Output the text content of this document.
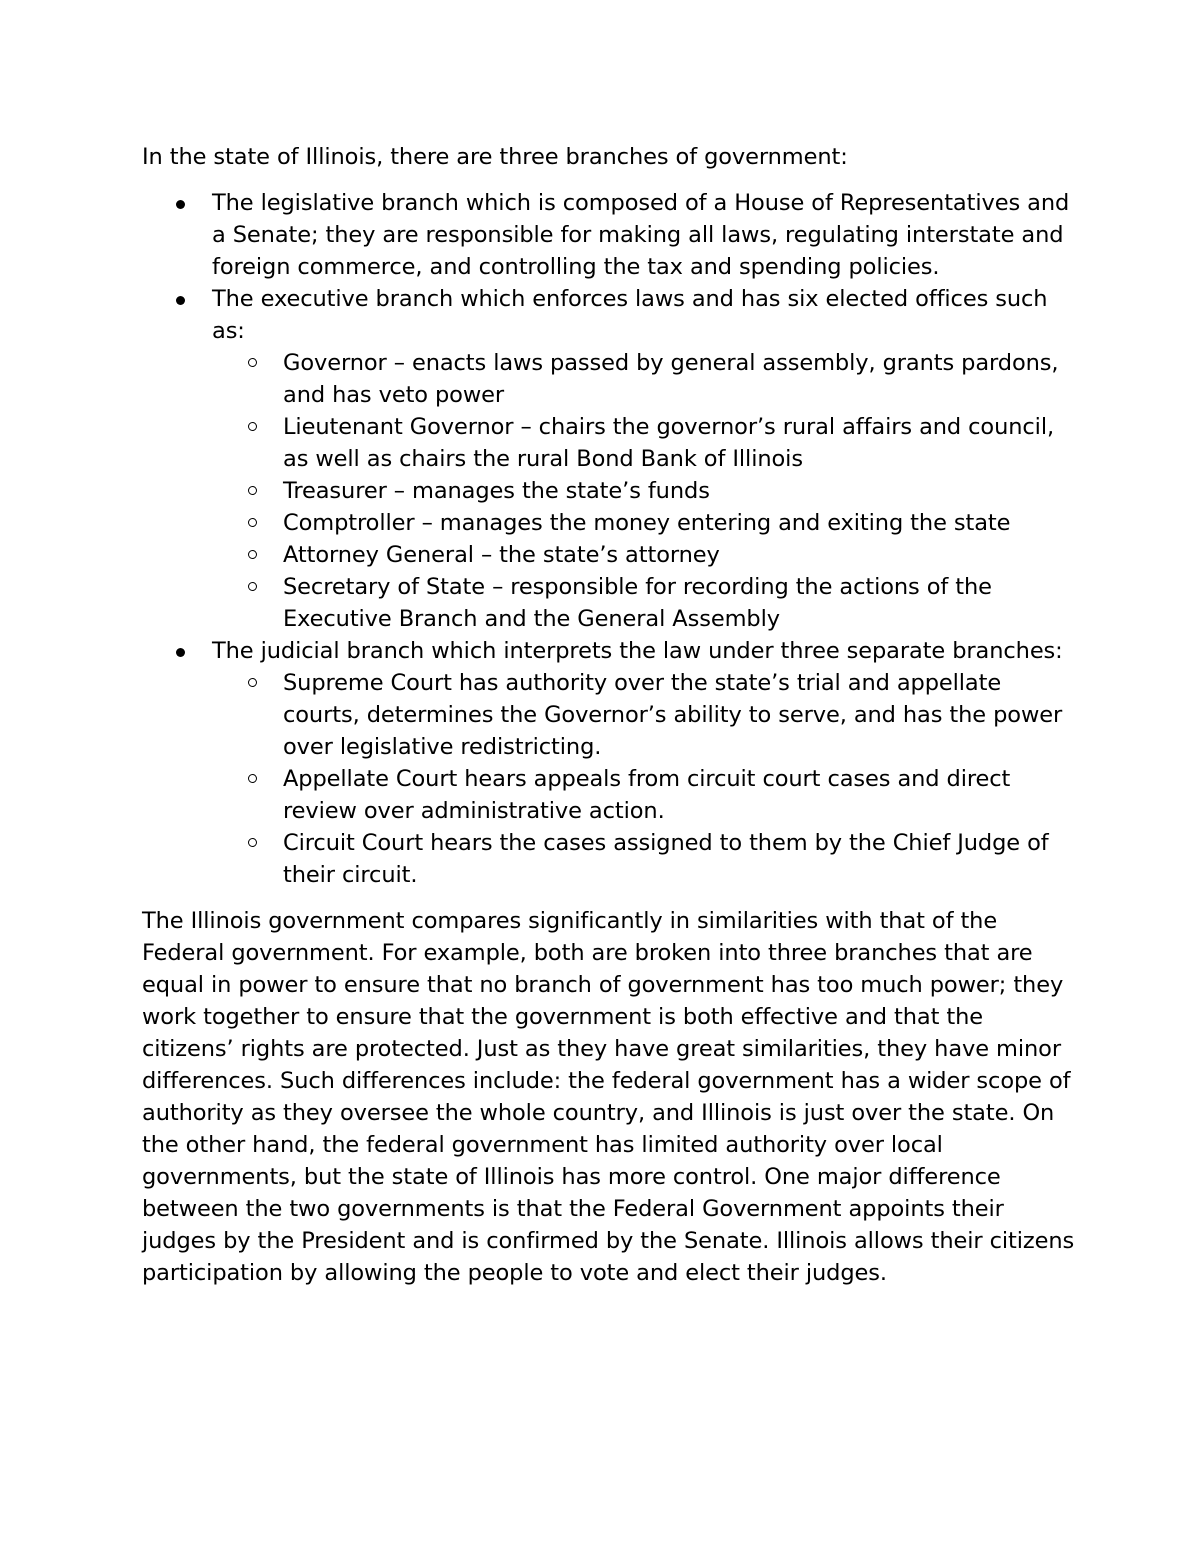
In the state of Illinois, there are three branches of government:

The legislative branch which is composed of a House of Representatives and a Senate; they are responsible for making all laws, regulating interstate and foreign commerce, and controlling the tax and spending policies.
The executive branch which enforces laws and has six elected offices such as:
Governor – enacts laws passed by general assembly, grants pardons, and has veto power
Lieutenant Governor – chairs the governor’s rural affairs and council, as well as chairs the rural Bond Bank of Illinois
Treasurer – manages the state’s funds
Comptroller – manages the money entering and exiting the state
Attorney General – the state’s attorney
Secretary of State – responsible for recording the actions of the Executive Branch and the General Assembly
The judicial branch which interprets the law under three separate branches:
Supreme Court has authority over the state’s trial and appellate courts, determines the Governor’s ability to serve, and has the power over legislative redistricting.
Appellate Court hears appeals from circuit court cases and direct review over administrative action.
Circuit Court hears the cases assigned to them by the Chief Judge of their circuit.

The Illinois government compares significantly in similarities with that of the Federal government. For example, both are broken into three branches that are equal in power to ensure that no branch of government has too much power; they work together to ensure that the government is both effective and that the citizens’ rights are protected. Just as they have great similarities, they have minor differences. Such differences include: the federal government has a wider scope of authority as they oversee the whole country, and Illinois is just over the state. On the other hand, the federal government has limited authority over local governments, but the state of Illinois has more control. One major difference between the two governments is that the Federal Government appoints their judges by the President and is confirmed by the Senate. Illinois allows their citizens participation by allowing the people to vote and elect their judges.
